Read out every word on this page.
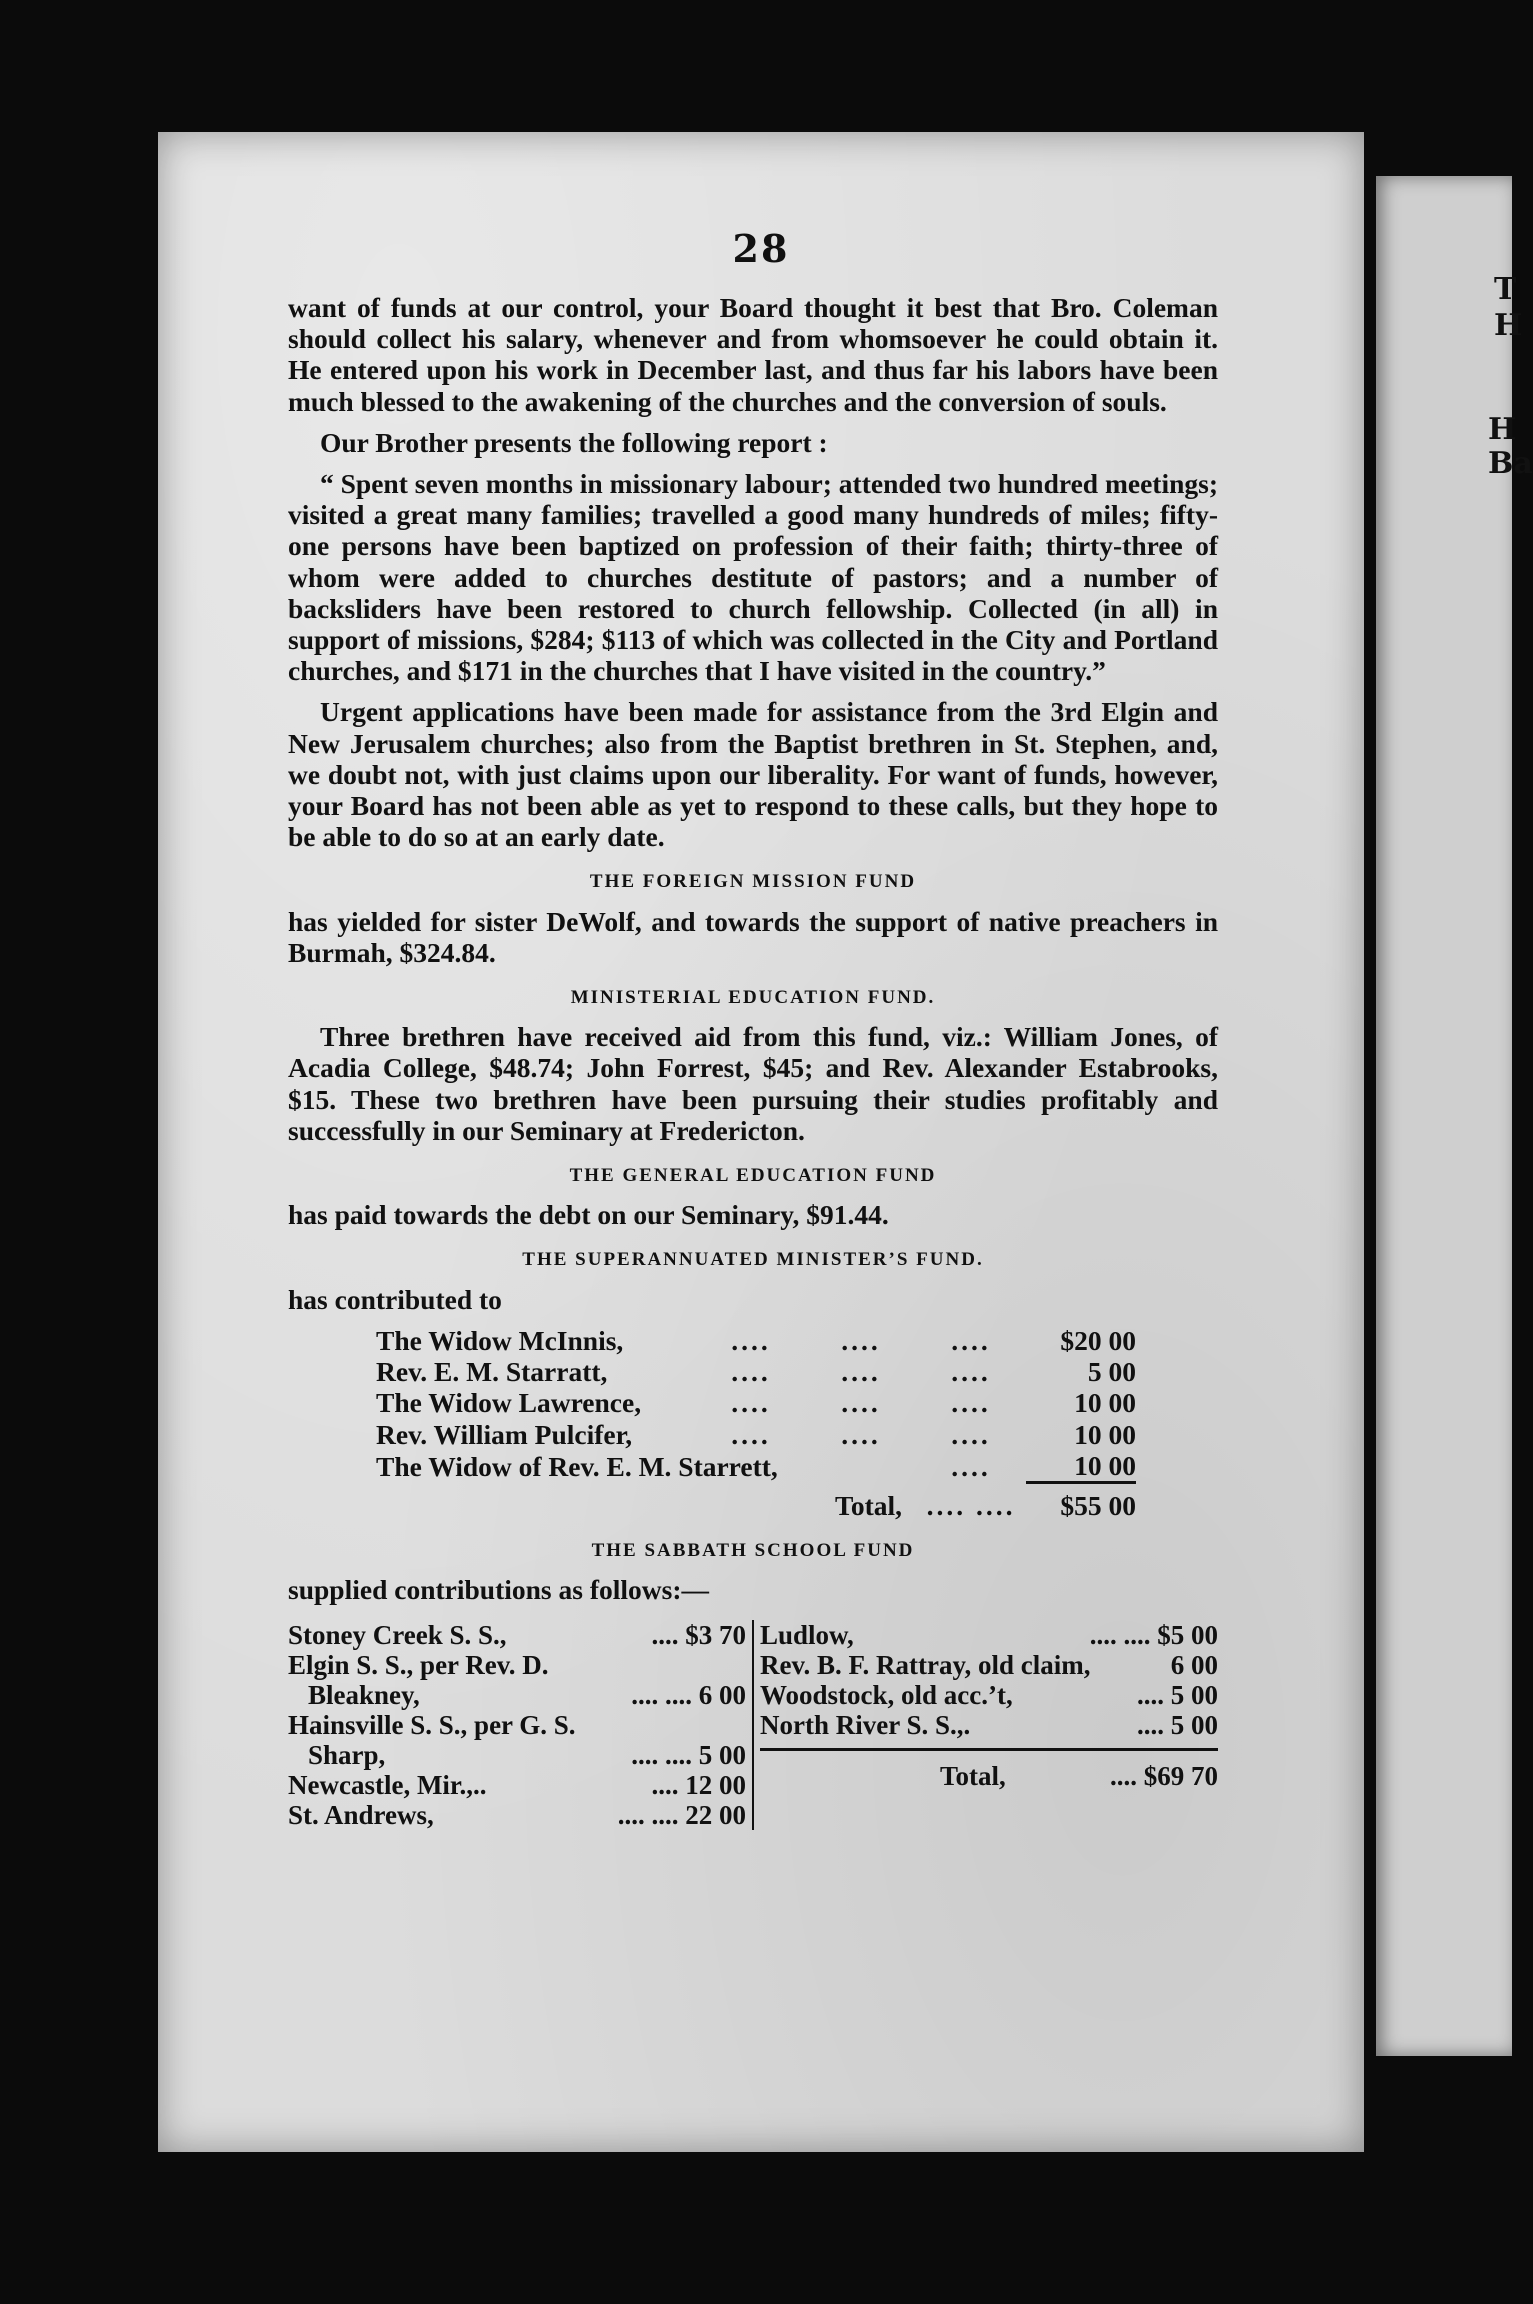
28

want of funds at our control, your Board thought it best that Bro. Coleman should collect his salary, whenever and from whomsoever he could obtain it. He entered upon his work in December last, and thus far his labors have been much blessed to the awakening of the churches and the conversion of souls.

Our Brother presents the following report :

“ Spent seven months in missionary labour; attended two hundred meetings; visited a great many families; travelled a good many hundreds of miles; fifty-one persons have been baptized on profession of their faith; thirty-three of whom were added to churches destitute of pastors; and a number of backsliders have been restored to church fellowship. Collected (in all) in support of missions, $284; $113 of which was collected in the City and Portland churches, and $171 in the churches that I have visited in the country.”

Urgent applications have been made for assistance from the 3rd Elgin and New Jerusalem churches; also from the Baptist brethren in St. Stephen, and, we doubt not, with just claims upon our liberality. For want of funds, however, your Board has not been able as yet to respond to these calls, but they hope to be able to do so at an early date.

THE FOREIGN MISSION FUND

has yielded for sister DeWolf, and towards the support of native preachers in Burmah, $324.84.

MINISTERIAL EDUCATION FUND.

Three brethren have received aid from this fund, viz.: William Jones, of Acadia College, $48.74; John Forrest, $45; and Rev. Alexander Estabrooks, $15. These two brethren have been pursuing their studies profitably and successfully in our Seminary at Fredericton.

THE GENERAL EDUCATION FUND

has paid towards the debt on our Seminary, $91.44.

THE SUPERANNUATED MINISTER’S FUND.

has contributed to

The Widow McInnis,	....	....	....	$20 00
Rev. E. M. Starratt,	....	....	....	5 00
The Widow Lawrence,	....	....	....	10 00
Rev. William Pulcifer,	....	....	....	10 00
The Widow of Rev. E. M. Starrett,			....	10 00
		Total,	.... ....	$55 00
THE SABBATH SCHOOL FUND

supplied contributions as follows:—

Stoney Creek S. S.,	.... $3 70
Elgin S. S., per Rev. D.
Bleakney,	.... .... 6 00
Hainsville S. S., per G. S.
Sharp,	.... .... 5 00
Newcastle, Mir.,..	.... 12 00
St. Andrews,	.... .... 22 00
Ludlow,	.... .... $5 00
Rev. B. F. Rattray, old claim,	6 00
Woodstock, old acc.’t,	.... 5 00
North River S. S.,.	.... 5 00
Total,	.... $69 70
T
H
H
Ba
